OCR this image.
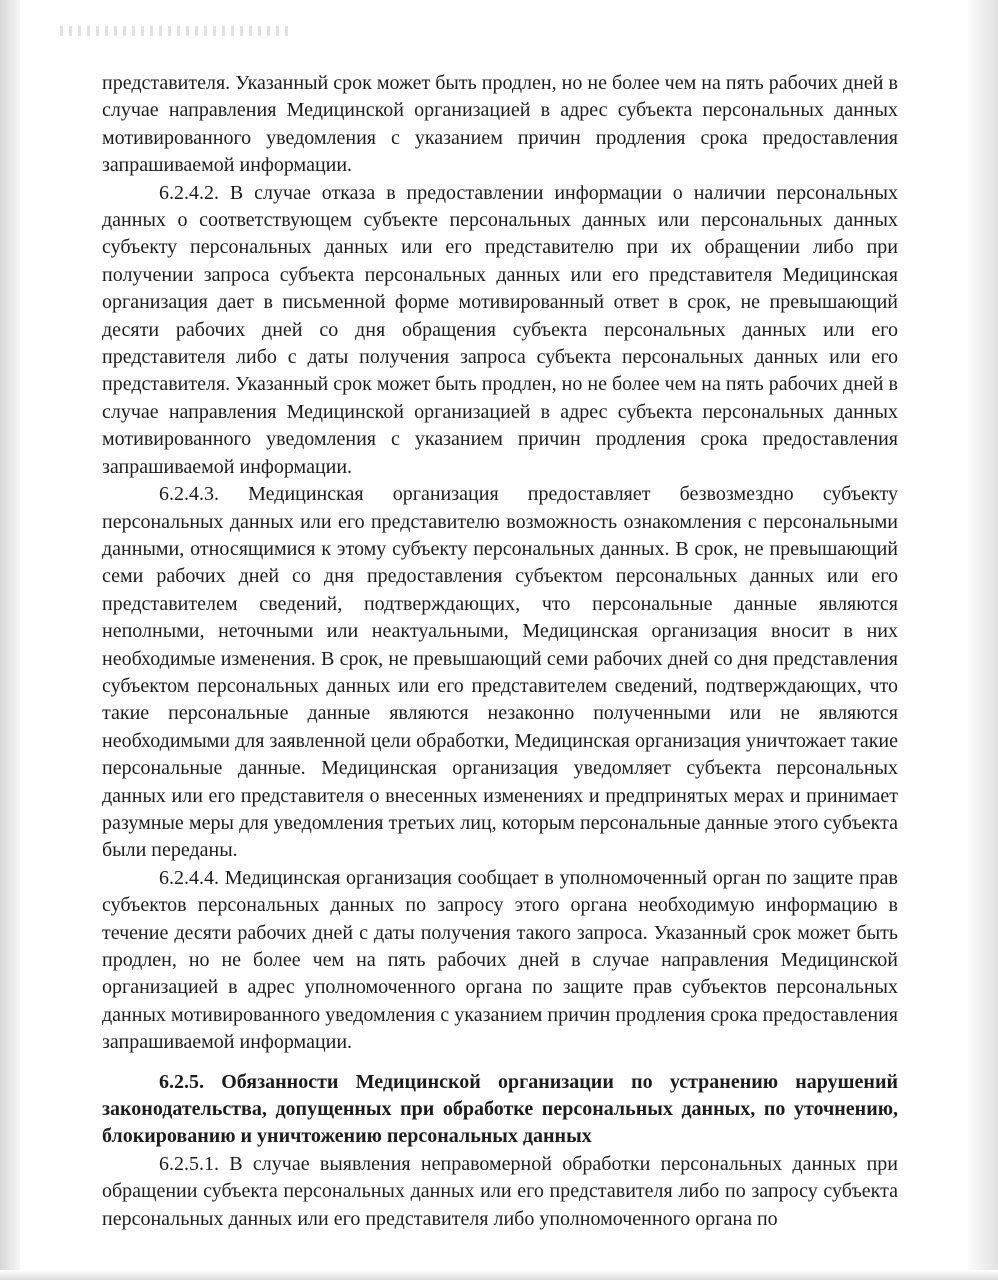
представителя. Указанный срок может быть продлен, но не более чем на пять рабочих дней в случае направления Медицинской организацией в адрес субъекта персональных данных мотивированного уведомления с указанием причин продления срока предоставления запрашиваемой информации.

6.2.4.2. В случае отказа в предоставлении информации о наличии персональных данных о соответствующем субъекте персональных данных или персональных данных субъекту персональных данных или его представителю при их обращении либо при получении запроса субъекта персональных данных или его представителя Медицинская организация дает в письменной форме мотивированный ответ в срок, не превышающий десяти рабочих дней со дня обращения субъекта персональных данных или его представителя либо с даты получения запроса субъекта персональных данных или его представителя. Указанный срок может быть продлен, но не более чем на пять рабочих дней в случае направления Медицинской организацией в адрес субъекта персональных данных мотивированного уведомления с указанием причин продления срока предоставления запрашиваемой информации.

6.2.4.3. Медицинская организация предоставляет безвозмездно субъекту персональных данных или его представителю возможность ознакомления с персональными данными, относящимися к этому субъекту персональных данных. В срок, не превышающий семи рабочих дней со дня предоставления субъектом персональных данных или его представителем сведений, подтверждающих, что персональные данные являются неполными, неточными или неактуальными, Медицинская организация вносит в них необходимые изменения. В срок, не превышающий семи рабочих дней со дня представления субъектом персональных данных или его представителем сведений, подтверждающих, что такие персональные данные являются незаконно полученными или не являются необходимыми для заявленной цели обработки, Медицинская организация уничтожает такие персональные данные. Медицинская организация уведомляет субъекта персональных данных или его представителя о внесенных изменениях и предпринятых мерах и принимает разумные меры для уведомления третьих лиц, которым персональные данные этого субъекта были переданы.

6.2.4.4. Медицинская организация сообщает в уполномоченный орган по защите прав субъектов персональных данных по запросу этого органа необходимую информацию в течение десяти рабочих дней с даты получения такого запроса. Указанный срок может быть продлен, но не более чем на пять рабочих дней в случае направления Медицинской организацией в адрес уполномоченного органа по защите прав субъектов персональных данных мотивированного уведомления с указанием причин продления срока предоставления запрашиваемой информации.

6.2.5. Обязанности Медицинской организации по устранению нарушений законодательства, допущенных при обработке персональных данных, по уточнению, блокированию и уничтожению персональных данных

6.2.5.1. В случае выявления неправомерной обработки персональных данных при обращении субъекта персональных данных или его представителя либо по запросу субъекта персональных данных или его представителя либо уполномоченного органа по
